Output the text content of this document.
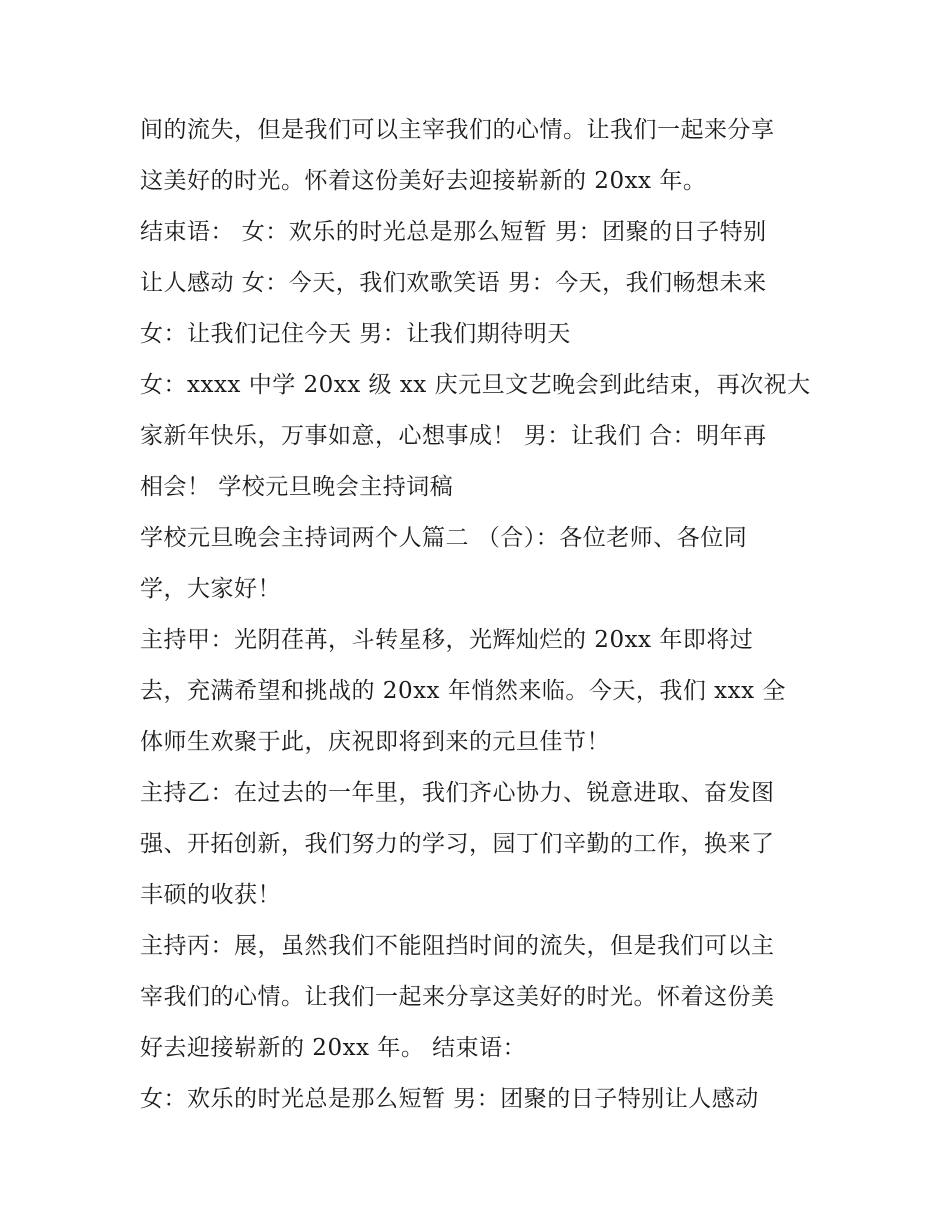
间的流失，但是我们可以主宰我们的心情。让我们一起来分享
这美好的时光。怀着这份美好去迎接崭新的 20xx 年。
结束语： 女：欢乐的时光总是那么短暂 男：团聚的日子特别
让人感动 女：今天，我们欢歌笑语 男：今天，我们畅想未来
女：让我们记住今天 男：让我们期待明天
女：xxxx 中学 20xx 级 xx 庆元旦文艺晚会到此结束，再次祝大
家新年快乐，万事如意，心想事成！ 男：让我们 合：明年再
相会！ 学校元旦晚会主持词稿
学校元旦晚会主持词两个人篇二 （合）：各位老师、各位同
学，大家好！
主持甲：光阴荏苒，斗转星移，光辉灿烂的 20xx 年即将过
去，充满希望和挑战的 20xx 年悄然来临。今天，我们 xxx 全
体师生欢聚于此，庆祝即将到来的元旦佳节！
主持乙：在过去的一年里，我们齐心协力、锐意进取、奋发图
强、开拓创新，我们努力的学习，园丁们辛勤的工作，换来了
丰硕的收获！
主持丙：展，虽然我们不能阻挡时间的流失，但是我们可以主
宰我们的心情。让我们一起来分享这美好的时光。怀着这份美
好去迎接崭新的 20xx 年。 结束语：
女：欢乐的时光总是那么短暂 男：团聚的日子特别让人感动
